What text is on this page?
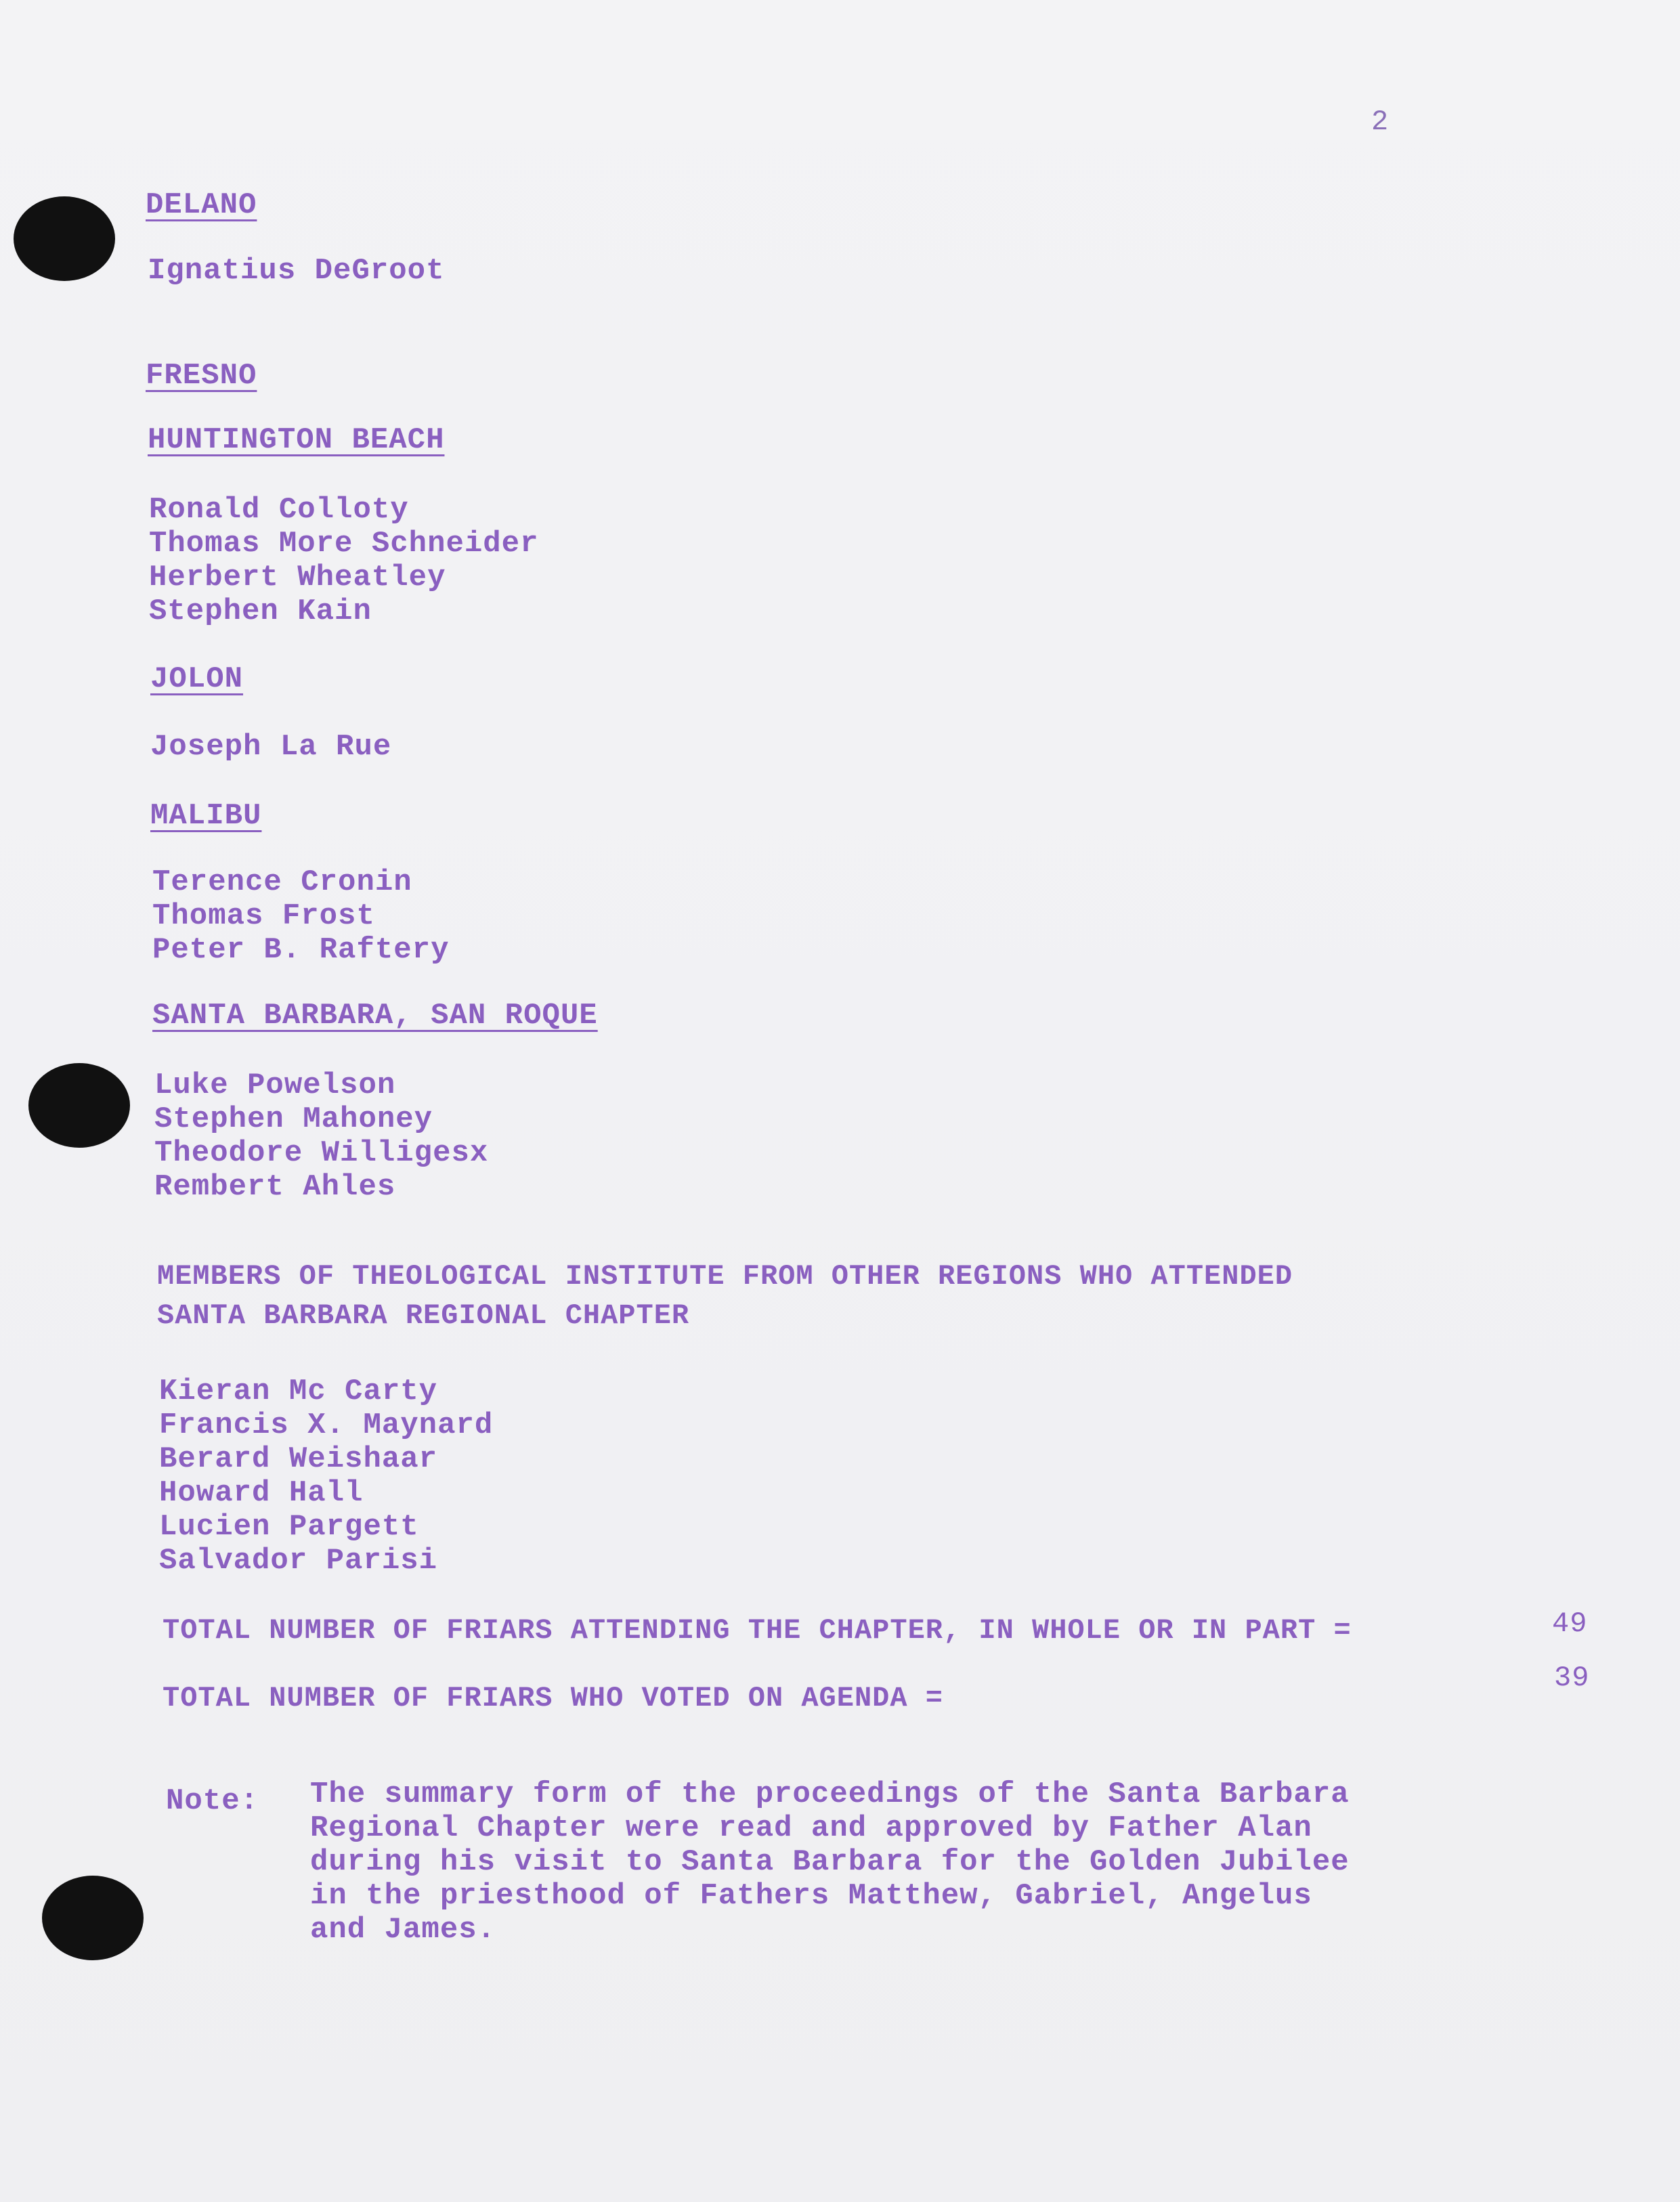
2
DELANO
Ignatius DeGroot
FRESNO
HUNTINGTON BEACH
Ronald Colloty
Thomas More Schneider
Herbert Wheatley
Stephen Kain
JOLON
Joseph La Rue
MALIBU
Terence Cronin
Thomas Frost
Peter B. Raftery
SANTA BARBARA, SAN ROQUE
Luke Powelson
Stephen Mahoney
Theodore Willigesx
Rembert Ahles
MEMBERS OF THEOLOGICAL INSTITUTE FROM OTHER REGIONS WHO ATTENDED
SANTA BARBARA REGIONAL CHAPTER
Kieran Mc Carty
Francis X. Maynard
Berard Weishaar
Howard Hall
Lucien Pargett
Salvador Parisi
TOTAL NUMBER OF FRIARS ATTENDING THE CHAPTER, IN WHOLE OR IN PART =	49
TOTAL NUMBER OF FRIARS WHO VOTED ON AGENDA =
39
Note: The summary form of the proceedings of the Santa Barbara
Regional Chapter were read and approved by Father Alan
during his visit to Santa Barbara for the Golden Jubilee
in the priesthood of Fathers Matthew, Gabriel, Angelus
and James.
